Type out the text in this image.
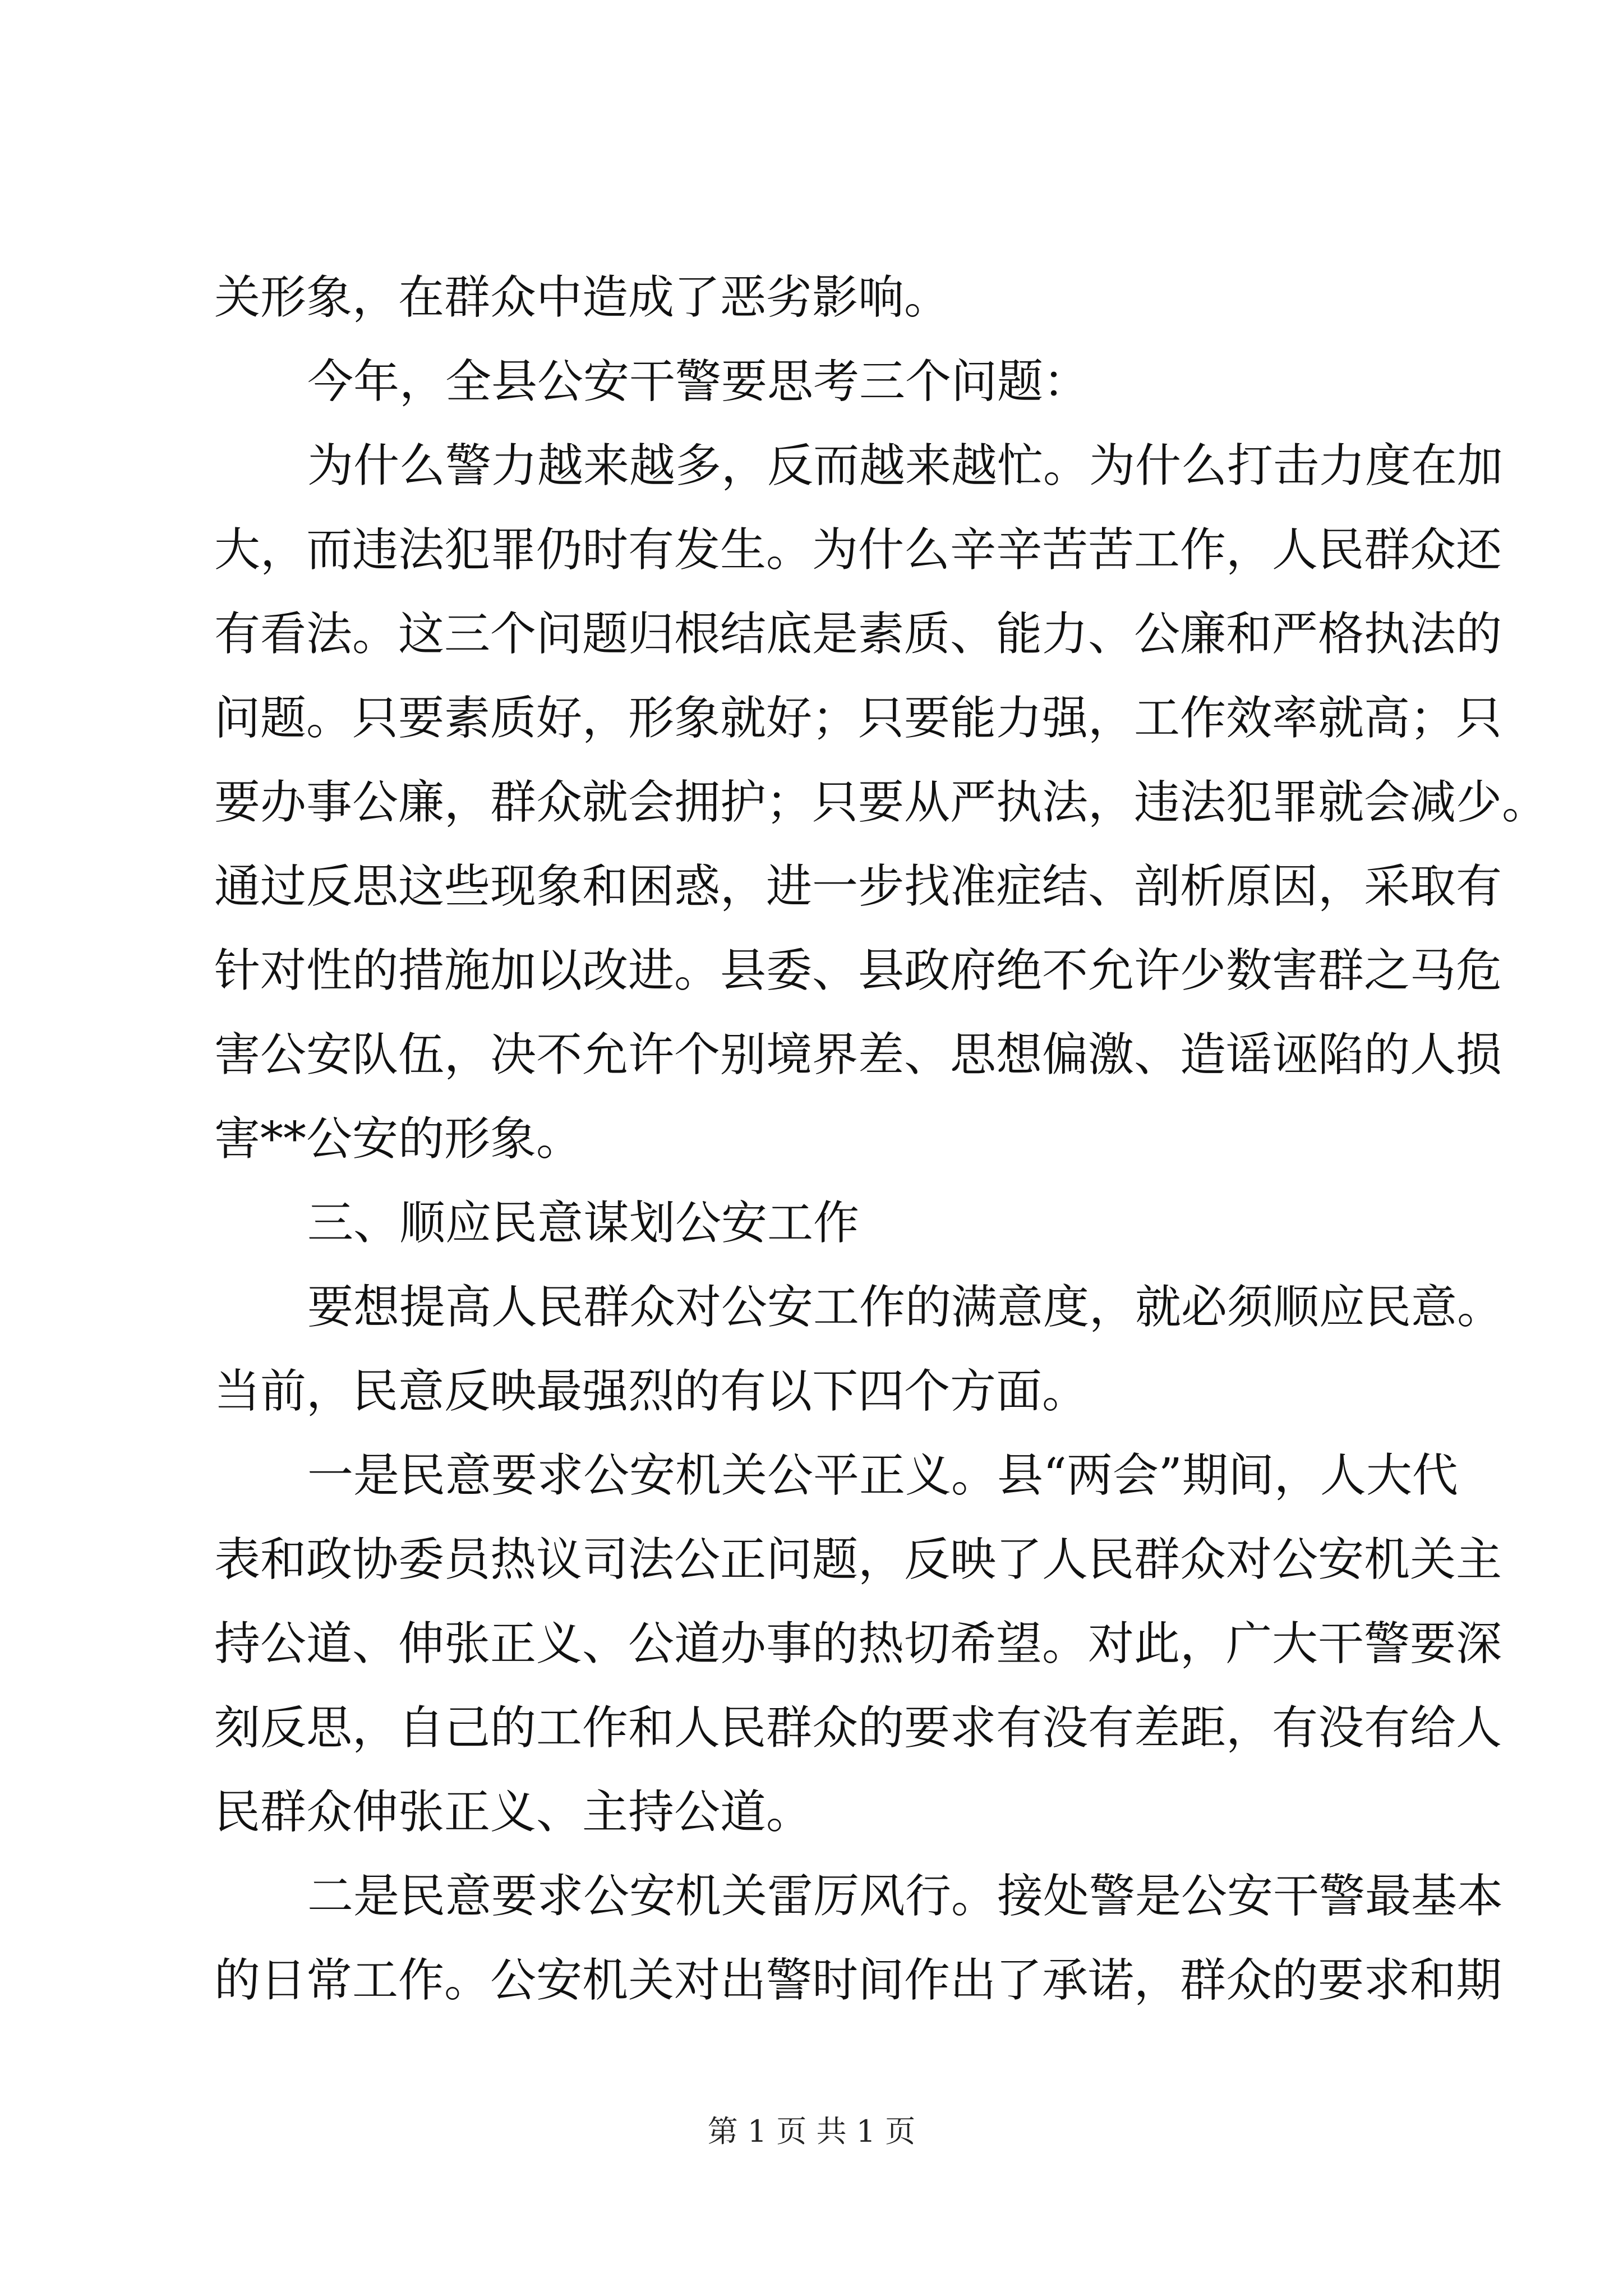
关形象，在群众中造成了恶劣影响。
今年，全县公安干警要思考三个问题：
为什么警力越来越多，反而越来越忙。为什么打击力度在加
大，而违法犯罪仍时有发生。为什么辛辛苦苦工作，人民群众还
有看法。这三个问题归根结底是素质、能力、公廉和严格执法的
问题。只要素质好，形象就好；只要能力强，工作效率就高；只
要办事公廉，群众就会拥护；只要从严执法，违法犯罪就会减少。
通过反思这些现象和困惑，进一步找准症结、剖析原因，采取有
针对性的措施加以改进。县委、县政府绝不允许少数害群之马危
害公安队伍，决不允许个别境界差、思想偏激、造谣诬陷的人损
害**公安的形象。
三、顺应民意谋划公安工作
要想提高人民群众对公安工作的满意度，就必须顺应民意。
当前，民意反映最强烈的有以下四个方面。
一是民意要求公安机关公平正义。县“两会”期间，人大代
表和政协委员热议司法公正问题，反映了人民群众对公安机关主
持公道、伸张正义、公道办事的热切希望。对此，广大干警要深
刻反思，自己的工作和人民群众的要求有没有差距，有没有给人
民群众伸张正义、主持公道。
二是民意要求公安机关雷厉风行。接处警是公安干警最基本
的日常工作。公安机关对出警时间作出了承诺，群众的要求和期
第 1 页 共 1 页
